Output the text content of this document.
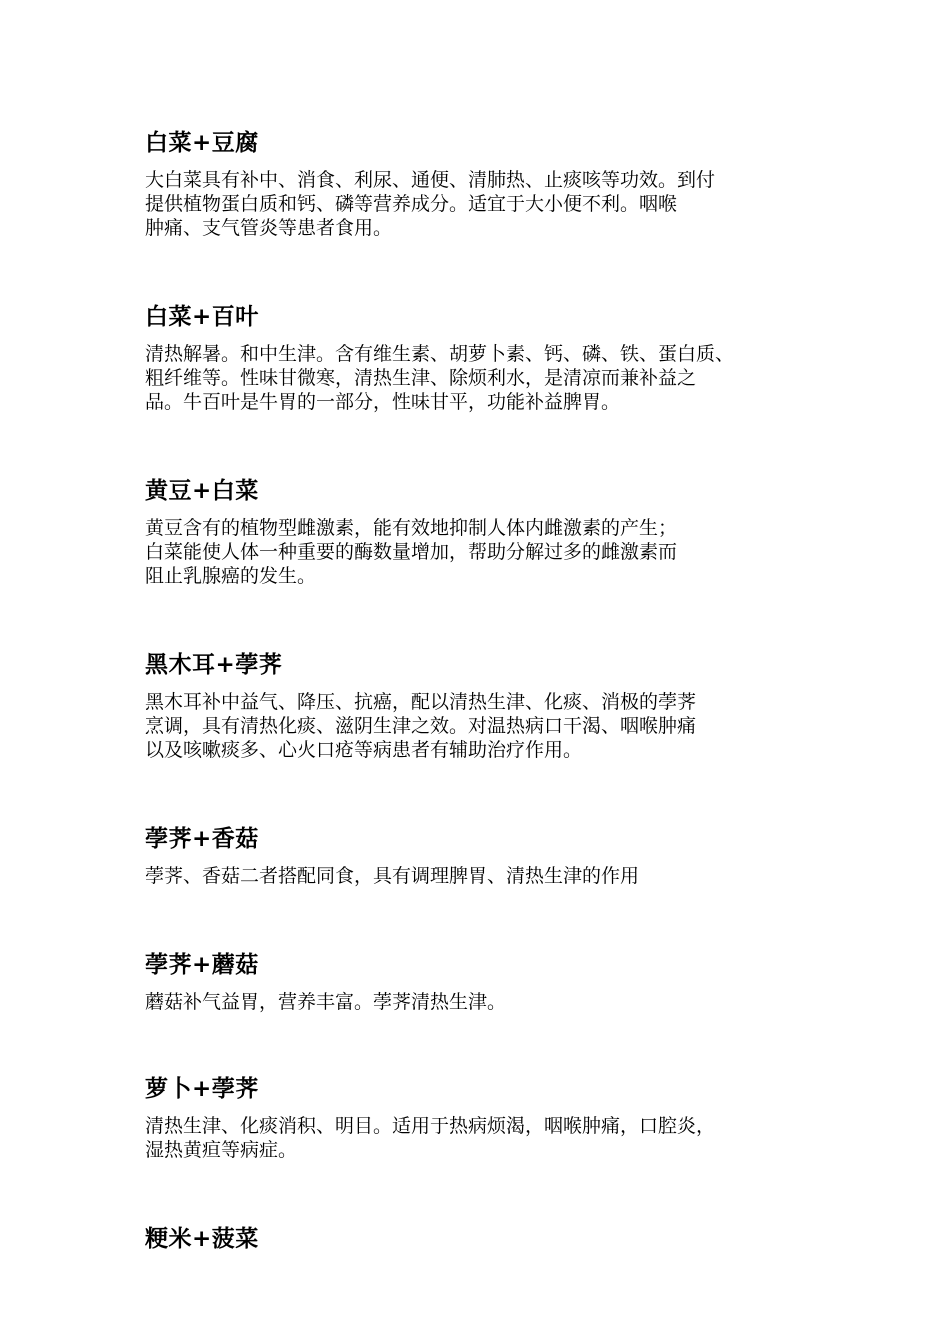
白菜+豆腐

大白菜具有补中、消食、利尿、通便、清肺热、止痰咳等功效。到付
提供植物蛋白质和钙、磷等营养成分。适宜于大小便不利。咽喉
肿痛、支气管炎等患者食用。

白菜+百叶

清热解暑。和中生津。含有维生素、胡萝卜素、钙、磷、铁、蛋白质、
粗纤维等。性味甘微寒，清热生津、除烦利水，是清凉而兼补益之
品。牛百叶是牛胃的一部分，性味甘平，功能补益脾胃。

黄豆+白菜

黄豆含有的植物型雌激素，能有效地抑制人体内雌激素的产生；
白菜能使人体一种重要的酶数量增加，帮助分解过多的雌激素而
阻止乳腺癌的发生。

黑木耳+荸荠

黑木耳补中益气、降压、抗癌，配以清热生津、化痰、消极的荸荠
烹调，具有清热化痰、滋阴生津之效。对温热病口干渴、咽喉肿痛
以及咳嗽痰多、心火口疮等病患者有辅助治疗作用。

荸荠+香菇

荸荠、香菇二者搭配同食，具有调理脾胃、清热生津的作用

荸荠+蘑菇

蘑菇补气益胃，营养丰富。荸荠清热生津。

萝卜+荸荠

清热生津、化痰消积、明目。适用于热病烦渴，咽喉肿痛，口腔炎，
湿热黄疸等病症。

粳米+菠菜
